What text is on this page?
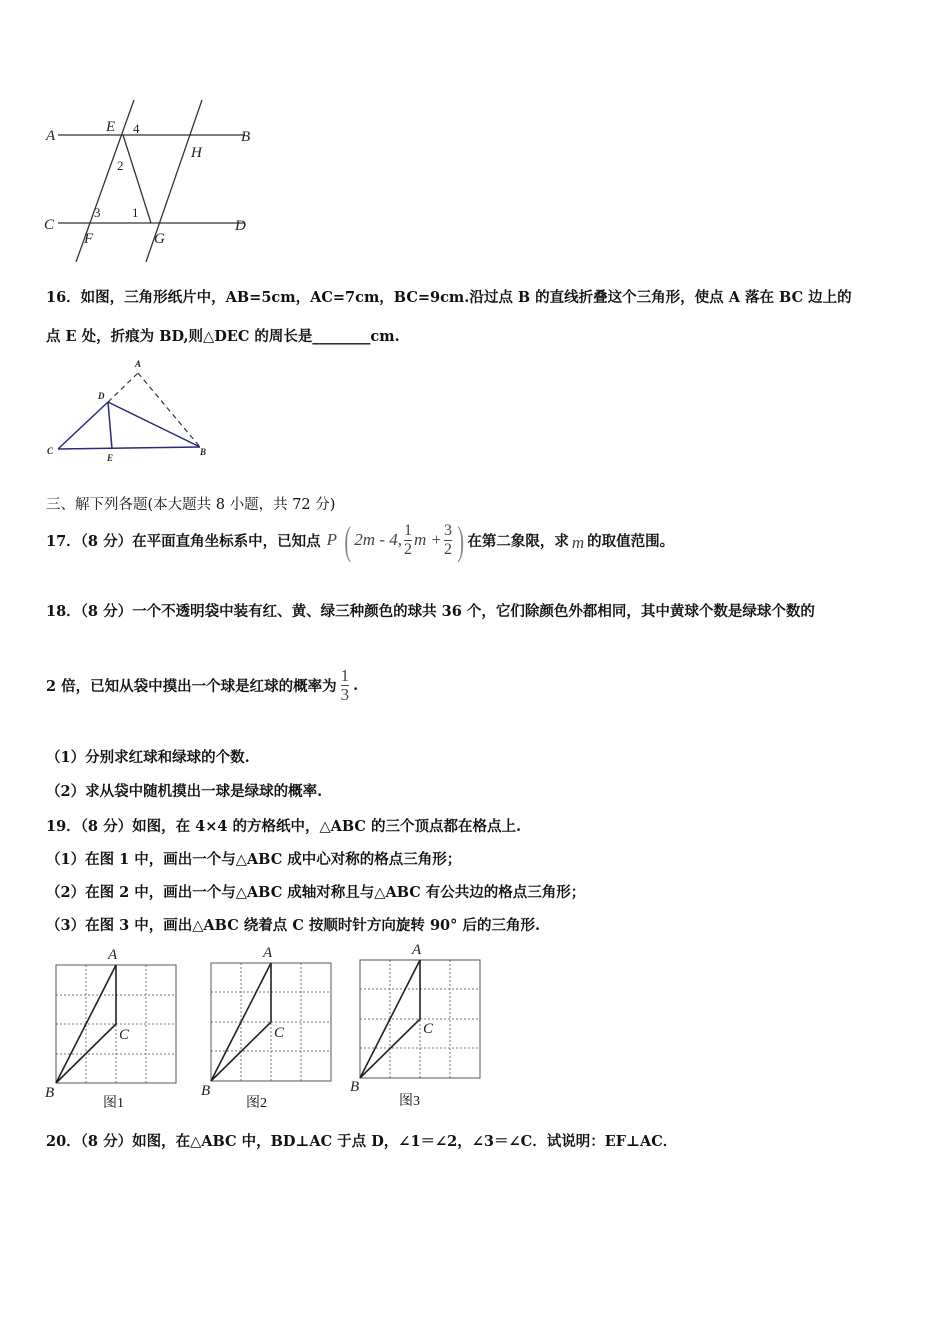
A
E 4
B
2
H
C
3 1
D
F	G
16．如图，三角形纸片中，AB=5cm，AC=7cm，BC=9cm.沿过点 B 的直线折叠这个三角形，使点 A 落在 BC 边上的
点 E 处，折痕为 BD,则△DEC 的周长是________cm.
A
D
C
E
B
三、解下列各题(本大题共 8 小题，共 72 分)
17．（8 分）在平面直角坐标系中，已知点 P ( 2m - 4, $\frac{1}{2}$ $m + \frac{3}{2}$ ) 在第二象限，求 m 的取值范围。
18．（8 分）一个不透明袋中装有红、黄、绿三种颜色的球共 36 个，它们除颜色外都相同，其中黄球个数是绿球个数的
2 倍，已知从袋中摸出一个球是红球的概率为 $\frac{1}{3}$ .
（1）分别求红球和绿球的个数.
（2）求从袋中随机摸出一球是绿球的概率.
19．（8 分）如图，在 4×4 的方格纸中，△ABC 的三个顶点都在格点上.
（1）在图 1 中，画出一个与△ABC 成中心对称的格点三角形；
（2）在图 2 中，画出一个与△ABC 成轴对称且与△ABC 有公共边的格点三角形；
（3）在图 3 中，画出△ABC 绕着点 C 按顺时针方向旋转 90° 后的三角形.
A
B
C
图1
A
B
C
图2
A
B
C
图3
20．（8 分）如图，在△ABC 中，BD⊥AC 于点 D，∠1＝∠2，∠3＝∠C．试说明：EF⊥AC．
